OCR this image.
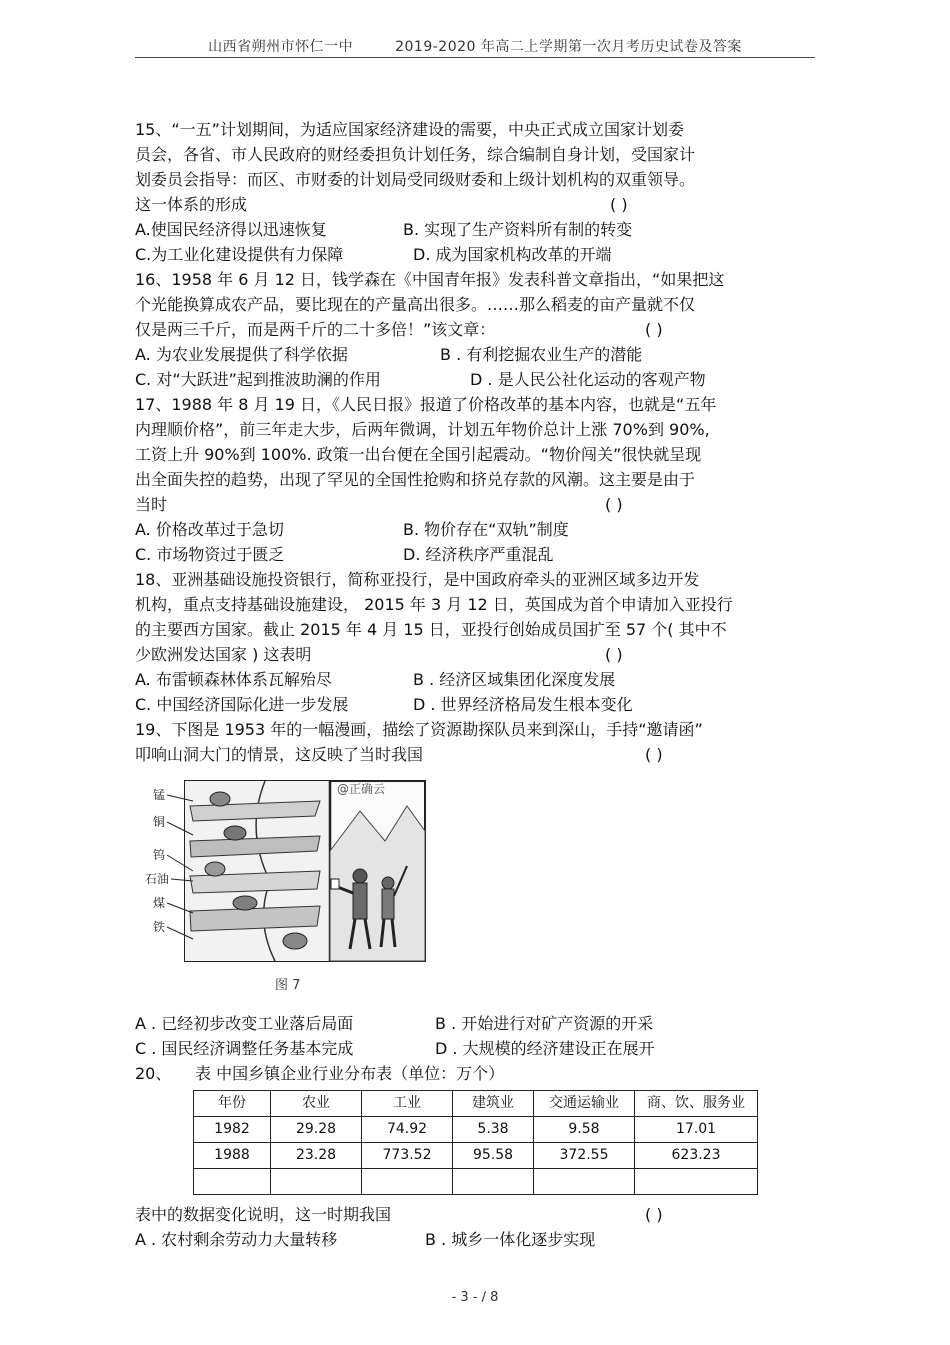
山西省朔州市怀仁一中	2019-2020 年高二上学期第一次月考历史试卷及答案
15、“一五”计划期间，为适应国家经济建设的需要，中央正式成立国家计划委
员会，各省、市人民政府的财经委担负计划任务，综合编制自身计划，受国家计
划委员会指导：而区、市财委的计划局受同级财委和上级计划机构的双重领导。
这一体系的形成	( )
A.使国民经济得以迅速恢复	B. 实现了生产资料所有制的转变
C.为工业化建设提供有力保障	D. 成为国家机构改革的开端
16、1958 年 6 月 12 日，钱学森在《中国青年报》发表科普文章指出，“如果把这
个光能换算成农产品，要比现在的产量高出很多。……那么稻麦的亩产量就不仅
仅是两三千斤，而是两千斤的二十多倍！”该文章：	( )
A. 为农业发展提供了科学依据	B . 有利挖掘农业生产的潜能
C. 对“大跃进”起到推波助澜的作用	D . 是人民公社化运动的客观产物
17、1988 年 8 月 19 日，《人民日报》报道了价格改革的基本内容，也就是“五年
内理顺价格”，前三年走大步，后两年微调，计划五年物价总计上涨 70%到 90%,
工资上升 90%到 100%. 政策一出台便在全国引起震动。“物价闯关”很快就呈现
出全面失控的趋势，出现了罕见的全国性抢购和挤兑存款的风潮。这主要是由于
当时	( )
A. 价格改革过于急切	B. 物价存在“双轨”制度
C. 市场物资过于匮乏	D. 经济秩序严重混乱
18、亚洲基础设施投资银行，简称亚投行，是中国政府牵头的亚洲区域多边开发
机构，重点支持基础设施建设， 2015 年 3 月 12 日，英国成为首个申请加入亚投行
的主要西方国家。截止 2015 年 4 月 15 日，亚投行创始成员国扩至 57 个( 其中不
少欧洲发达国家 ) 这表明	( )
A. 布雷顿森林体系瓦解殆尽	B . 经济区域集团化深度发展
C. 中国经济国际化进一步发展	D . 世界经济格局发生根本变化
19、下图是 1953 年的一幅漫画，描绘了资源勘探队员来到深山，手持“邀请函”
叩响山洞大门的情景，这反映了当时我国	( )
@正确云
锰
铜
钨
石油
煤
铁
图 7
A . 已经初步改变工业落后局面	B . 开始进行对矿产资源的开采
C . 国民经济调整任务基本完成	D . 大规模的经济建设正在展开
20、 表 中国乡镇企业行业分布表（单位：万个）
年份	农业	工业	建筑业	交通运输业	商、饮、服务业
1982	29.28	74.92	5.38	9.58	17.01
1988	23.28	773.52	95.58	372.55	623.23

表中的数据变化说明，这一时期我国	( )
A . 农村剩余劳动力大量转移	B . 城乡一体化逐步实现
- 3 - / 8
